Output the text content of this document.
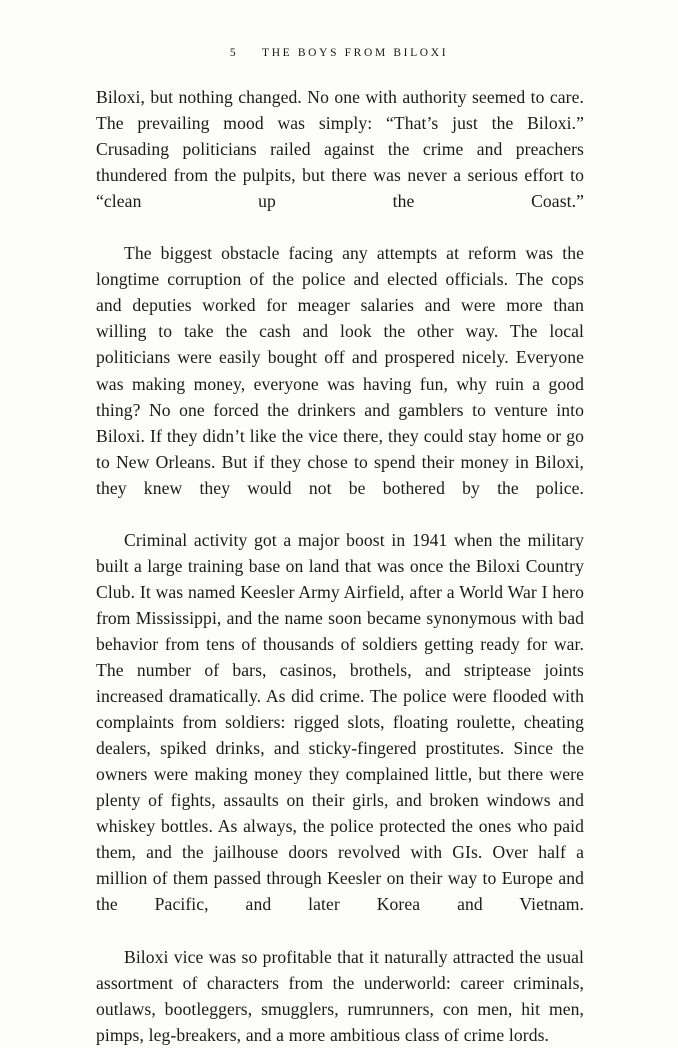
5 THE BOYS FROM BILOXI

Biloxi, but nothing changed. No one with authority seemed to care. The prevailing mood was simply: “That’s just the Biloxi.” Crusading politicians railed against the crime and preachers thundered from the pulpits, but there was never a serious effort to “clean up the Coast.”

The biggest obstacle facing any attempts at reform was the longtime corruption of the police and elected officials. The cops and deputies worked for meager salaries and were more than willing to take the cash and look the other way. The local politicians were easily bought off and prospered nicely. Everyone was making money, everyone was having fun, why ruin a good thing? No one forced the drinkers and gamblers to venture into Biloxi. If they didn’t like the vice there, they could stay home or go to New Orleans. But if they chose to spend their money in Biloxi, they knew they would not be bothered by the police.

Criminal activity got a major boost in 1941 when the military built a large training base on land that was once the Biloxi Country Club. It was named Keesler Army Airfield, after a World War I hero from Mississippi, and the name soon became synonymous with bad behavior from tens of thousands of soldiers getting ready for war. The number of bars, casinos, brothels, and striptease joints increased dramatically. As did crime. The police were flooded with complaints from soldiers: rigged slots, floating roulette, cheating dealers, spiked drinks, and sticky-fingered prostitutes. Since the owners were making money they complained little, but there were plenty of fights, assaults on their girls, and broken windows and whiskey bottles. As always, the police protected the ones who paid them, and the jailhouse doors revolved with GIs. Over half a million of them passed through Keesler on their way to Europe and the Pacific, and later Korea and Vietnam.

Biloxi vice was so profitable that it naturally attracted the usual assortment of characters from the underworld: career criminals, outlaws, bootleggers, smugglers, rumrunners, con men, hit men, pimps, leg-breakers, and a more ambitious class of crime lords.
